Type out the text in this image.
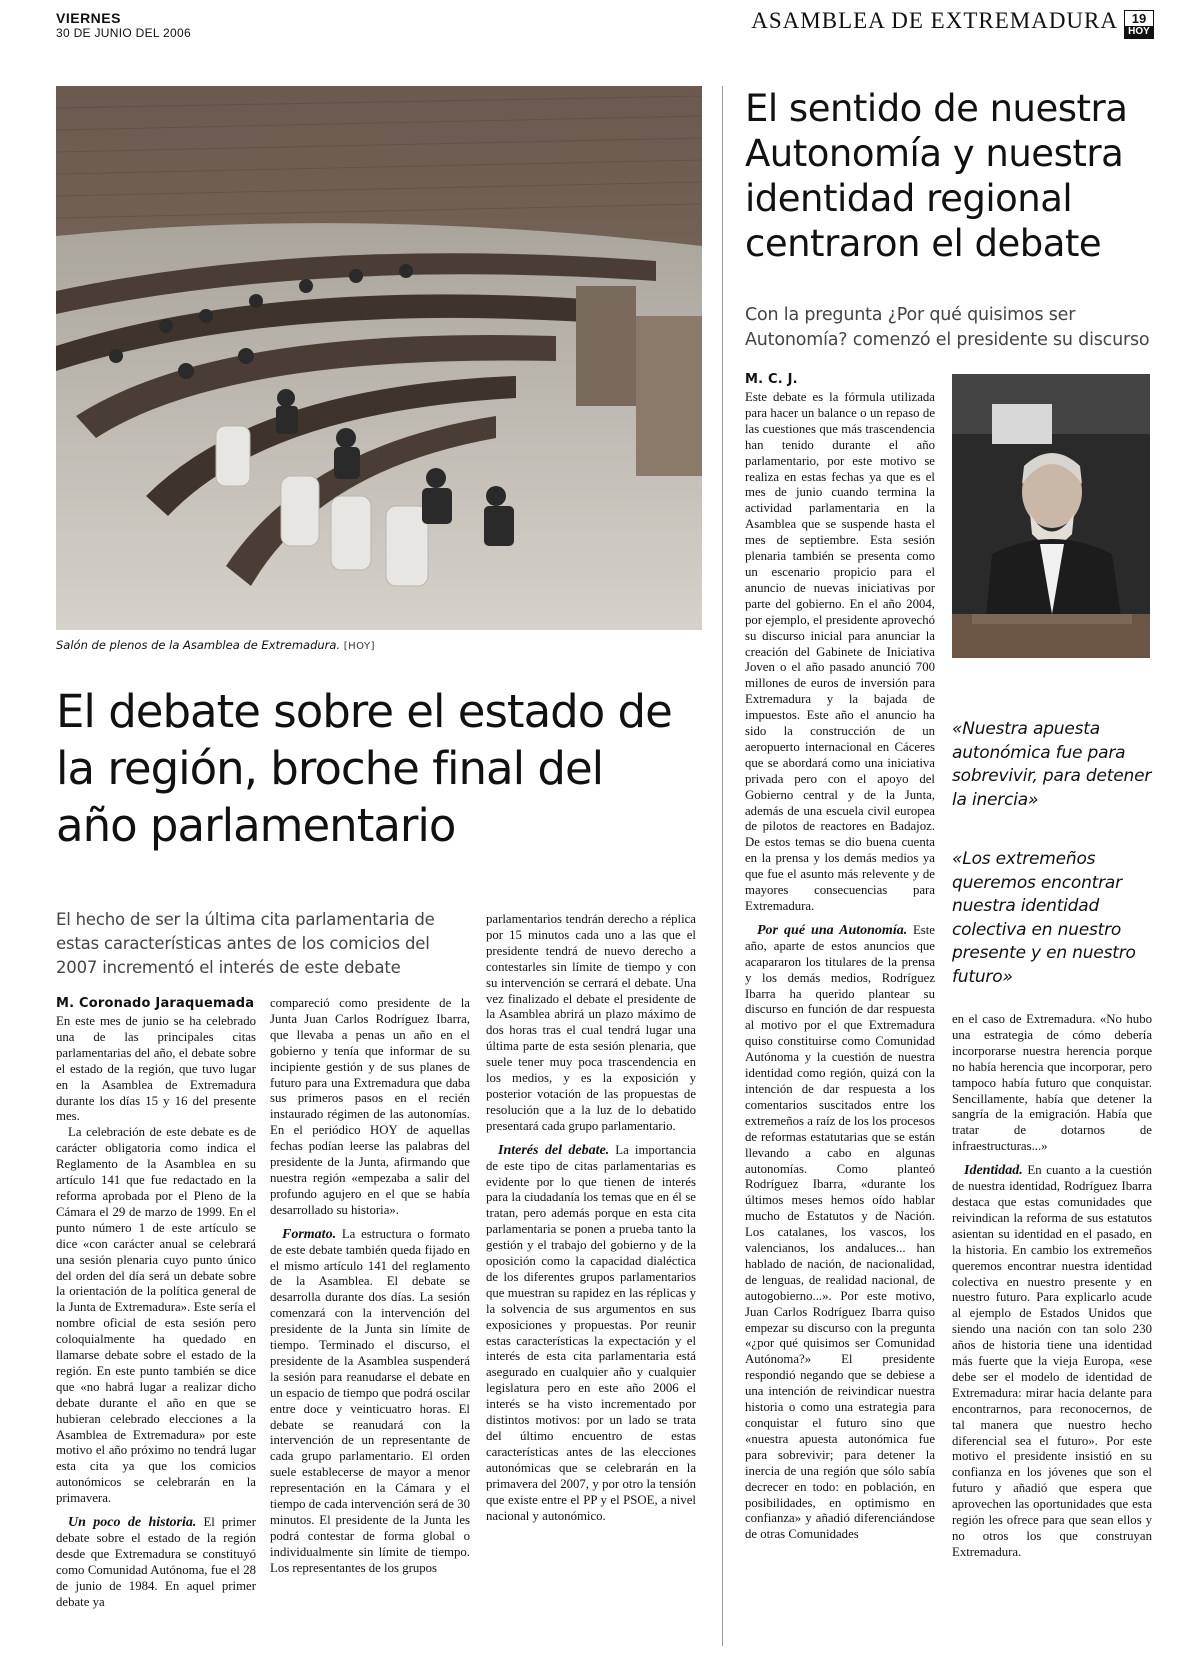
VIERNES
30 DE JUNIO DEL 2006	ASAMBLEA DE EXTREMADURA	19
HOY
Salón de plenos de la Asamblea de Extremadura. [HOY]
El debate sobre el estado de la región, broche final del año parlamentario
El hecho de ser la última cita parlamentaria de estas características antes de los comicios del 2007 incrementó el interés de este debate
M. Coronado Jaraquemada

En este mes de junio se ha celebrado una de las principales citas parlamentarias del año, el debate sobre el estado de la región, que tuvo lugar en la Asamblea de Extremadura durante los días 15 y 16 del presente mes.

La celebración de este debate es de carácter obligatoria como indica el Reglamento de la Asamblea en su artículo 141 que fue redactado en la reforma aprobada por el Pleno de la Cámara el 29 de marzo de 1999. En el punto número 1 de este artículo se dice «con carácter anual se celebrará una sesión plenaria cuyo punto único del orden del día será un debate sobre la orientación de la política general de la Junta de Extremadura». Este sería el nombre oficial de esta sesión pero coloquialmente ha quedado en llamarse debate sobre el estado de la región. En este punto también se dice que «no habrá lugar a realizar dicho debate durante el año en que se hubieran celebrado elecciones a la Asamblea de Extremadura» por este motivo el año próximo no tendrá lugar esta cita ya que los comicios autonómicos se celebrarán en la primavera.

Un poco de historia. El primer debate sobre el estado de la región desde que Extremadura se constituyó como Comunidad Autónoma, fue el 28 de junio de 1984. En aquel primer debate ya

compareció como presidente de la Junta Juan Carlos Rodríguez Ibarra, que llevaba a penas un año en el gobierno y tenía que informar de su incipiente gestión y de sus planes de futuro para una Extremadura que daba sus primeros pasos en el recién instaurado régimen de las autonomías. En el periódico HOY de aquellas fechas podían leerse las palabras del presidente de la Junta, afirmando que nuestra región «empezaba a salir del profundo agujero en el que se había desarrollado su historia».

Formato. La estructura o formato de este debate también queda fijado en el mismo artículo 141 del reglamento de la Asamblea. El debate se desarrolla durante dos días. La sesión comenzará con la intervención del presidente de la Junta sin límite de tiempo. Terminado el discurso, el presidente de la Asamblea suspenderá la sesión para reanudarse el debate en un espacio de tiempo que podrá oscilar entre doce y veinticuatro horas. El debate se reanudará con la intervención de un representante de cada grupo parlamentario. El orden suele establecerse de mayor a menor representación en la Cámara y el tiempo de cada intervención será de 30 minutos. El presidente de la Junta les podrá contestar de forma global o individualmente sin límite de tiempo. Los representantes de los grupos

parlamentarios tendrán derecho a réplica por 15 minutos cada uno a las que el presidente tendrá de nuevo derecho a contestarles sin límite de tiempo y con su intervención se cerrará el debate. Una vez finalizado el debate el presidente de la Asamblea abrirá un plazo máximo de dos horas tras el cual tendrá lugar una última parte de esta sesión plenaria, que suele tener muy poca trascendencia en los medios, y es la exposición y posterior votación de las propuestas de resolución que a la luz de lo debatido presentará cada grupo parlamentario.

Interés del debate. La importancia de este tipo de citas parlamentarias es evidente por lo que tienen de interés para la ciudadanía los temas que en él se tratan, pero además porque en esta cita parlamentaria se ponen a prueba tanto la gestión y el trabajo del gobierno y de la oposición como la capacidad dialéctica de los diferentes grupos parlamentarios que muestran su rapidez en las réplicas y la solvencia de sus argumentos en sus exposiciones y propuestas. Por reunir estas características la expectación y el interés de esta cita parlamentaria está asegurado en cualquier año y cualquier legislatura pero en este año 2006 el interés se ha visto incrementado por distintos motivos: por un lado se trata del último encuentro de estas características antes de las elecciones autonómicas que se celebrarán en la primavera del 2007, y por otro la tensión que existe entre el PP y el PSOE, a nivel nacional y autonómico.

El sentido de nuestra Autonomía y nuestra identidad regional centraron el debate
Con la pregunta ¿Por qué quisimos ser Autonomía? comenzó el presidente su discurso
M. C. J.

Este debate es la fórmula utilizada para hacer un balance o un repaso de las cuestiones que más trascendencia han tenido durante el año parlamentario, por este motivo se realiza en estas fechas ya que es el mes de junio cuando termina la actividad parlamentaria en la Asamblea que se suspende hasta el mes de septiembre. Esta sesión plenaria también se presenta como un escenario propicio para el anuncio de nuevas iniciativas por parte del gobierno. En el año 2004, por ejemplo, el presidente aprovechó su discurso inicial para anunciar la creación del Gabinete de Iniciativa Joven o el año pasado anunció 700 millones de euros de inversión para Extremadura y la bajada de impuestos. Este año el anuncio ha sido la construcción de un aeropuerto internacional en Cáceres que se abordará como una iniciativa privada pero con el apoyo del Gobierno central y de la Junta, además de una escuela civil europea de pilotos de reactores en Badajoz. De estos temas se dio buena cuenta en la prensa y los demás medios ya que fue el asunto más relevente y de mayores consecuencias para Extremadura.

Por qué una Autonomía. Este año, aparte de estos anuncios que acapararon los titulares de la prensa y los demás medios, Rodríguez Ibarra ha querido plantear su discurso en función de dar respuesta al motivo por el que Extremadura quiso constituirse como Comunidad Autónoma y la cuestión de nuestra identidad como región, quizá con la intención de dar respuesta a los comentarios suscitados entre los extremeños a raíz de los los procesos de reformas estatutarias que se están llevando a cabo en algunas autonomías. Como planteó Rodríguez Ibarra, «durante los últimos meses hemos oído hablar mucho de Estatutos y de Nación. Los catalanes, los vascos, los valencianos, los andaluces... han hablado de nación, de nacionalidad, de lenguas, de realidad nacional, de autogobierno...». Por este motivo, Juan Carlos Rodríguez Ibarra quiso empezar su discurso con la pregunta «¿por qué quisimos ser Comunidad Autónoma?» El presidente respondió negando que se debiese a una intención de reivindicar nuestra historia o como una estrategia para conquistar el futuro sino que «nuestra apuesta autonómica fue para sobrevivir; para detener la inercia de una región que sólo sabía decrecer en todo: en población, en posibilidades, en optimismo en confianza» y añadió diferenciándose de otras Comunidades

«Nuestra apuesta autonómica fue para sobrevivir, para detener la inercia»
«Los extremeños queremos encontrar nuestra identidad colectiva en nuestro presente y en nuestro futuro»

en el caso de Extremadura. «No hubo una estrategia de cómo debería incorporarse nuestra herencia porque no había herencia que incorporar, pero tampoco había futuro que conquistar. Sencillamente, había que detener la sangría de la emigración. Había que tratar de dotarnos de infraestructuras...»

Identidad. En cuanto a la cuestión de nuestra identidad, Rodríguez Ibarra destaca que estas comunidades que reivindican la reforma de sus estatutos asientan su identidad en el pasado, en la historia. En cambio los extremeños queremos encontrar nuestra identidad colectiva en nuestro presente y en nuestro futuro. Para explicarlo acude al ejemplo de Estados Unidos que siendo una nación con tan solo 230 años de historia tiene una identidad más fuerte que la vieja Europa, «ese debe ser el modelo de identidad de Extremadura: mirar hacia delante para encontrarnos, para reconocernos, de tal manera que nuestro hecho diferencial sea el futuro». Por este motivo el presidente insistió en su confianza en los jóvenes que son el futuro y añadió que espera que aprovechen las oportunidades que esta región les ofrece para que sean ellos y no otros los que construyan Extremadura.
